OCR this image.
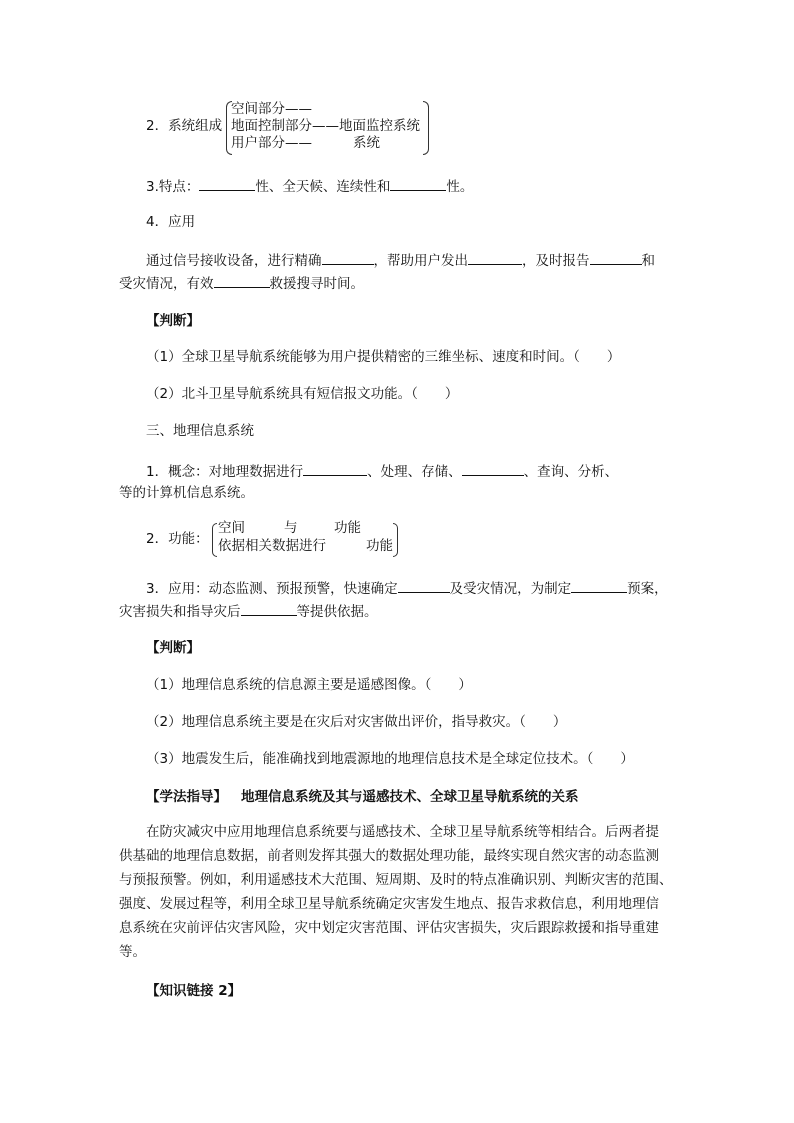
2．系统组成
空间部分——
地面控制部分——地面监控系统
用户部分——	系统
3.特点：	性、全天候、连续性和	性。
4．应用
通过信号接收设备，进行精确	，帮助用户发出	，及时报告	和
受灾情况，有效	救援搜寻时间。
【判断】
（1）全球卫星导航系统能够为用户提供精密的三维坐标、速度和时间。（　　）
（2）北斗卫星导航系统具有短信报文功能。（　　）
三、地理信息系统
1．概念：对地理数据进行	、处理、存储、	、查询、分析、
等的计算机信息系统。
2．功能：
空间	与	功能
依据相关数据进行	功能
3．应用：动态监测、预报预警，快速确定	及受灾情况，为制定	预案，
灾害损失和指导灾后	等提供依据。
【判断】
（1）地理信息系统的信息源主要是遥感图像。（　　）
（2）地理信息系统主要是在灾后对灾害做出评价，指导救灾。（　　）
（3）地震发生后，能准确找到地震源地的地理信息技术是全球定位技术。（　　）
【学法指导】 地理信息系统及其与遥感技术、全球卫星导航系统的关系
在防灾减灾中应用地理信息系统要与遥感技术、全球卫星导航系统等相结合。后两者提
供基础的地理信息数据，前者则发挥其强大的数据处理功能，最终实现自然灾害的动态监测
与预报预警。例如，利用遥感技术大范围、短周期、及时的特点准确识别、判断灾害的范围、
强度、发展过程等，利用全球卫星导航系统确定灾害发生地点、报告求救信息，利用地理信
息系统在灾前评估灾害风险，灾中划定灾害范围、评估灾害损失，灾后跟踪救援和指导重建
等。
【知识链接 2】
